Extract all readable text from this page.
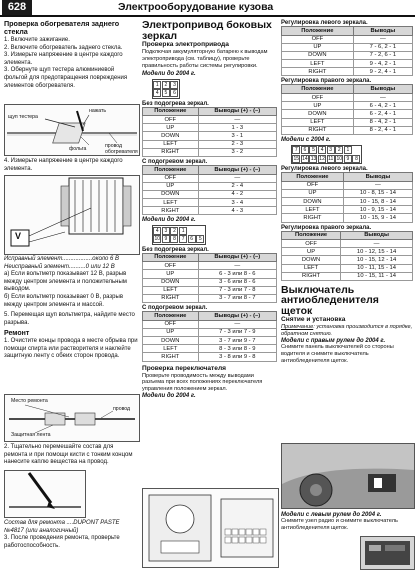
628	Электрооборудование кузова
Проверка обогревателя заднего стекла

1. Включите зажигание.

2. Включите обогреватель заднего стекла.

3. Измерьте напряжение в центре каждого элемента.

3. Обернуте щуп тестера алюминиевой фольгой для предотвращения повреждения элементов обогревателя.

щуп тестера
нажать
провод обогревателя
фольга

4. Измерьте напряжение в центре каждого элемента.

V

Исправный элемент..................около 6 В

Неисправный элемент..........0 или 12 В

а) Если вольтметр показывает 12 В, разрыв между центром элемента и положительным выводом.

б) Если вольтметр показывает 0 В, разрыв между центром элемента и массой.

5. Перемещая щуп вольтметра, найдите место разрыва.

Ремонт

1. Очистите концы провода в месте обрыва при помощи спирта или растворителя и наклейте защитную ленту с обеих сторон провода.

Место ремонта
провод
Защитная лента

2. Тщательно перемешайте состав для ремонта и при помощи кисти с тонким концом нанесите каплю вещества на провод.

Состав для ремонта ....DUPONT PASTE №4817 (или аналогичный)

3. После проведения ремонта, проверьте работоспособность.

Электропривод боковых зеркал
Проверка электропривода
Подключая аккумуляторную батарею к выводам электропривода (см. таблицу), проверьте правильность работы системы регулировки.
Модели до 2004 г.
1 2 3
4 5 6
Без подогрева зеркал.
Положение	Выводы (+) - (–)
OFF	—
UP	1 - 3
DOWN	3 - 1
LEFT	2 - 3
RIGHT	3 - 2
С подогревом зеркал.
Положение	Выводы (+) - (–)
OFF	—
UP	2 - 4
DOWN	4 - 2
LEFT	3 - 4
RIGHT	4 - 3
Модели до 2004 г.
4 3 2 1
10 9 8 7 6 5
Без подогрева зеркал.
Положение	Выводы (+) - (–)
OFF	—
UP	6 - 3 или 8 - 6
DOWN	3 - 6 или 8 - 6
LEFT	7 - 3 или 7 - 8
RIGHT	3 - 7 или 8 - 7
С подогревом зеркал.
Положение	Выводы (+) - (–)
OFF	—
UP	7 - 3 или 7 - 9
DOWN	3 - 7 или 9 - 7
LEFT	8 - 3 или 8 - 9
RIGHT	3 - 8 или 9 - 8
Проверка переключателя
Проверьте проводимость между выводами разъема при всех положениях переключателя управления положением зеркал.
Модели до 2004 г.
Регулировка левого зеркала.
Положение	Выводы
OFF	—
UP	7 - 6, 2 - 1
DOWN	7 - 2, 6 - 1
LEFT	9 - 4, 2 - 1
RIGHT	9 - 2, 4 - 1
Регулировка правого зеркала.
Положение	Выводы
OFF	—
UP	6 - 4, 2 - 1
DOWN	6 - 2, 4 - 1
LEFT	8 - 4, 2 - 1
RIGHT	8 - 2, 4 - 1
Модели с 2004 г.
7 6 5 4 3 2 1
15 14 13 12 11 10 9 8
Регулировка левого зеркала.
Положение	Выводы
OFF	—
UP	10 - 8, 15 - 14
DOWN	10 - 15, 8 - 14
LEFT	10 - 9, 15 - 14
RIGHT	10 - 15, 9 - 14
Регулировка правого зеркала.
Положение	Выводы
OFF	—
UP	10 - 12, 15 - 14
DOWN	10 - 15, 12 - 14
LEFT	10 - 11, 15 - 14
RIGHT	10 - 15, 11 - 14
Выключатель антиобледенителя щеток
Снятие и установка
Примечание: установка производится в порядке, обратном снятию.
Модели с правым рулем до 2004 г.
Снимите панель выключателей со стороны водителя и снимите выключатель антиобледенителя щеток.
Модели с левым рулем до 2004 г.
Снимите узел радио и снимите выключатель антиобледенителя щеток.
